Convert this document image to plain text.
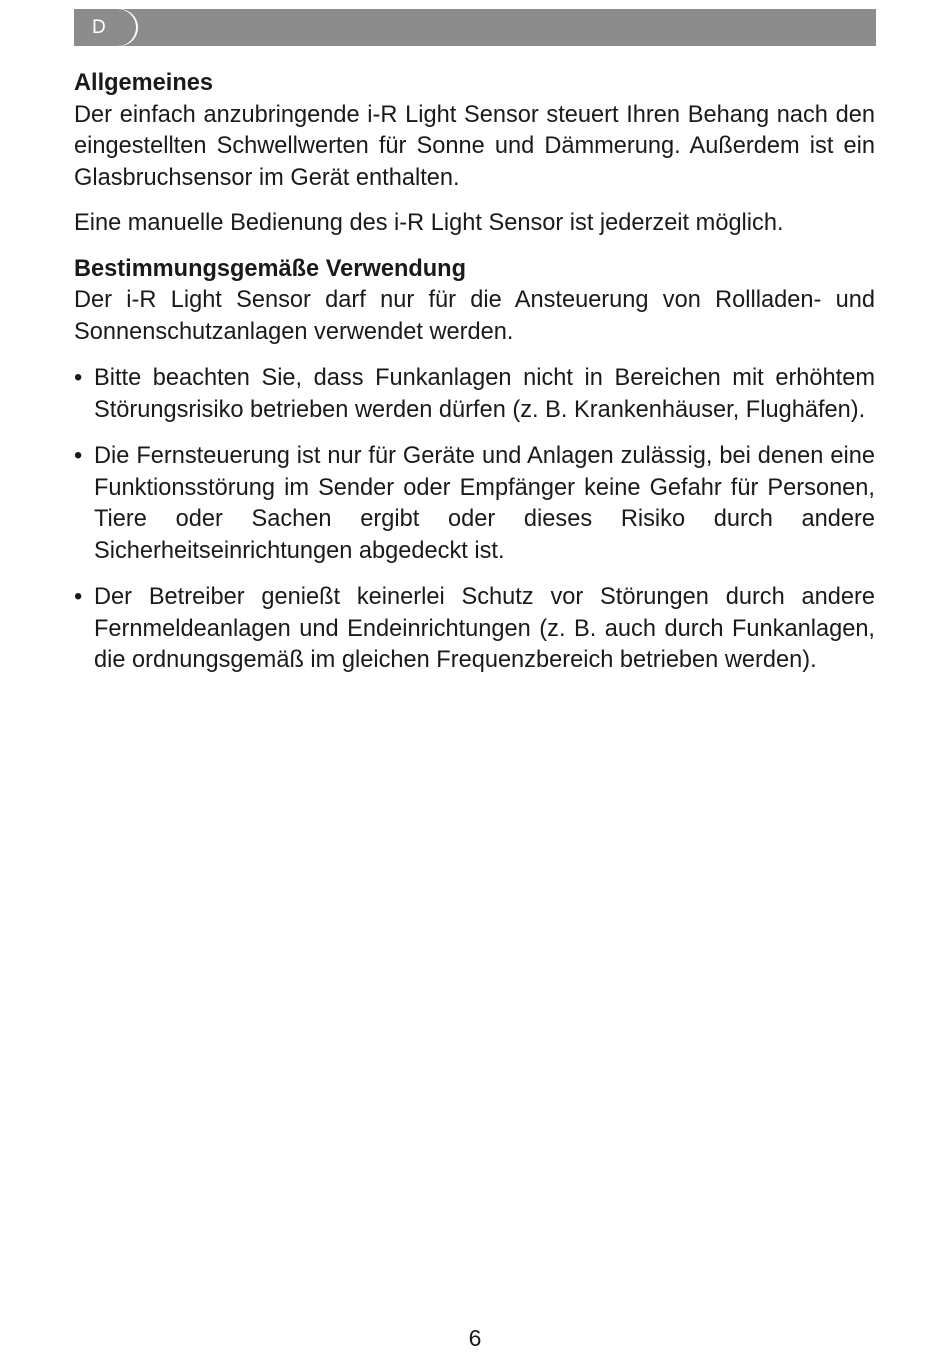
D
Allgemeines

Der einfach anzubringende i-R Light Sensor steuert Ihren Behang nach den eingestellten Schwellwerten für Sonne und Dämmerung. Außerdem ist ein Glasbruchsensor im Gerät enthalten.

Eine manuelle Bedienung des i-R Light Sensor ist jederzeit möglich.

Bestimmungsgemäße Verwendung

Der i-R Light Sensor darf nur für die Ansteuerung von Rollladen- und Sonnenschutzanlagen verwendet werden.

• Bitte beachten Sie, dass Funkanlagen nicht in Bereichen mit erhöhtem Störungsrisiko betrieben werden dürfen (z. B. Krankenhäuser, Flughäfen).
• Die Fernsteuerung ist nur für Geräte und Anlagen zulässig, bei denen eine Funktionsstörung im Sender oder Empfänger keine Gefahr für Personen, Tiere oder Sachen ergibt oder dieses Risiko durch andere Sicherheitseinrichtungen abgedeckt ist.
• Der Betreiber genießt keinerlei Schutz vor Störungen durch andere Fernmeldeanlagen und Endeinrichtungen (z. B. auch durch Funkanlagen, die ordnungsgemäß im gleichen Frequenzbereich betrieben werden).
6
